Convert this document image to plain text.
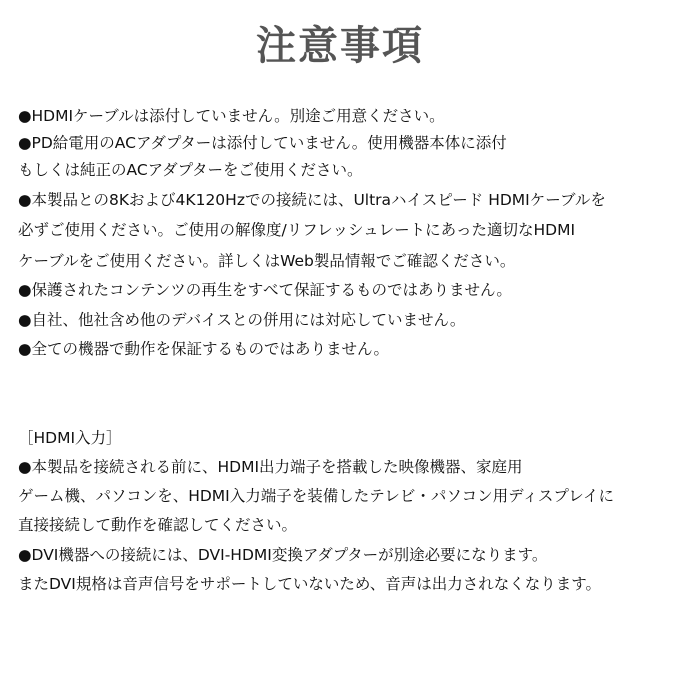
注意事項
●HDMIケーブルは添付していません。別途ご用意ください。
●PD給電用のACアダプターは添付していません。使用機器本体に添付
もしくは純正のACアダプターをご使用ください。
●本製品との8Kおよび4K120Hzでの接続には、Ultraハイスピード HDMIケーブルを
必ずご使用ください。ご使用の解像度/リフレッシュレートにあった適切なHDMI
ケーブルをご使用ください。詳しくはWeb製品情報でご確認ください。
●保護されたコンテンツの再生をすべて保証するものではありません。
●自社、他社含め他のデバイスとの併用には対応していません。
●全ての機器で動作を保証するものではありません。
［HDMI入力］
●本製品を接続される前に、HDMI出力端子を搭載した映像機器、家庭用
ゲーム機、パソコンを、HDMI入力端子を装備したテレビ・パソコン用ディスプレイに
直接接続して動作を確認してください。
●DVI機器への接続には、DVI-HDMI変換アダプターが別途必要になります。
またDVI規格は音声信号をサポートしていないため、音声は出力されなくなります。
